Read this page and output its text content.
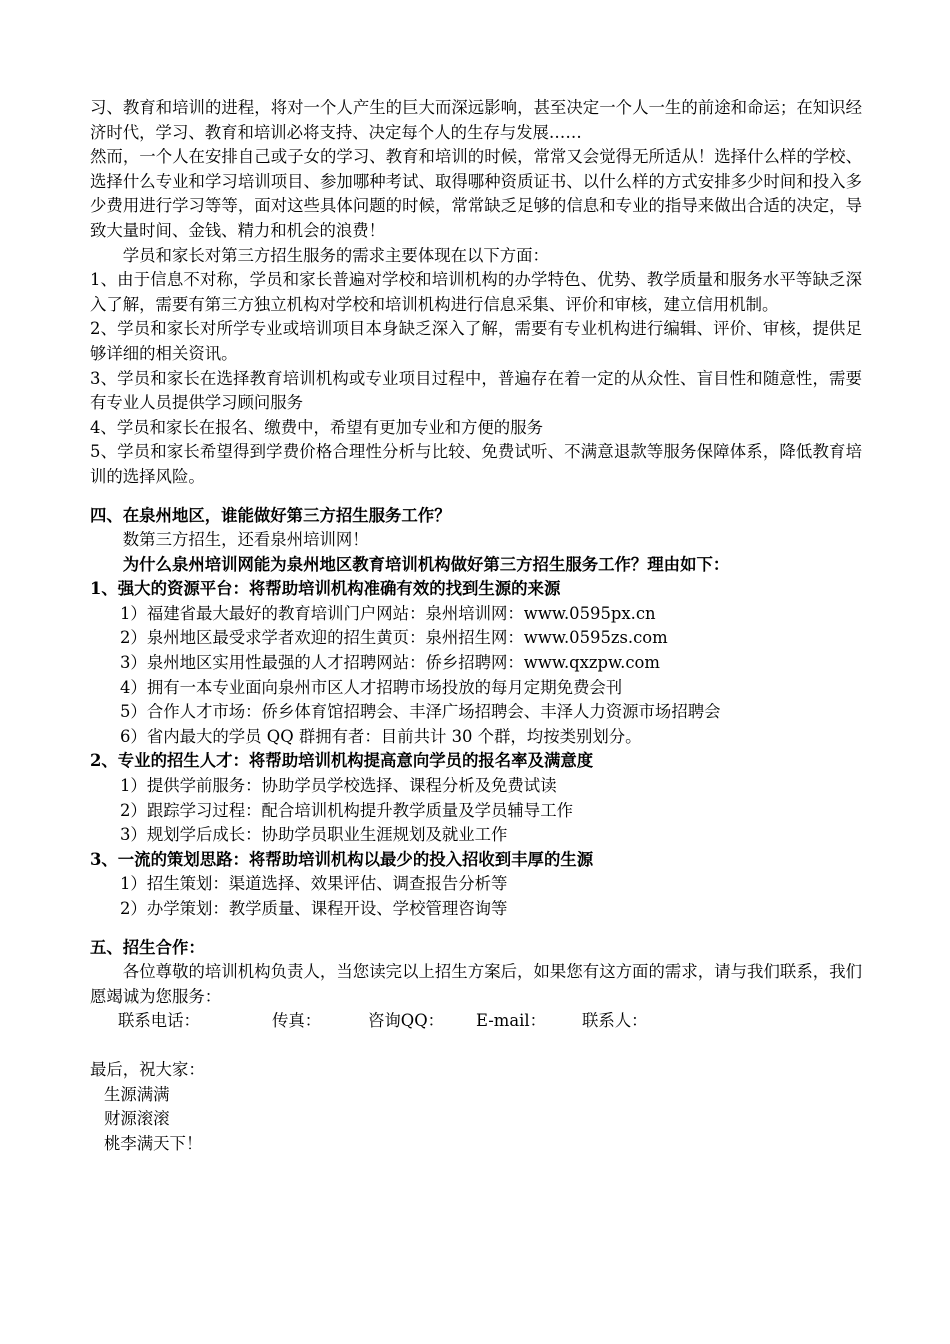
习、教育和培训的进程，将对一个人产生的巨大而深远影响，甚至决定一个人一生的前途和命运；在知识经济时代，学习、教育和培训必将支持、决定每个人的生存与发展……

然而，一个人在安排自己或子女的学习、教育和培训的时候，常常又会觉得无所适从！选择什么样的学校、选择什么专业和学习培训项目、参加哪种考试、取得哪种资质证书、以什么样的方式安排多少时间和投入多少费用进行学习等等，面对这些具体问题的时候，常常缺乏足够的信息和专业的指导来做出合适的决定，导致大量时间、金钱、精力和机会的浪费！

学员和家长对第三方招生服务的需求主要体现在以下方面：

1、由于信息不对称，学员和家长普遍对学校和培训机构的办学特色、优势、教学质量和服务水平等缺乏深入了解，需要有第三方独立机构对学校和培训机构进行信息采集、评价和审核，建立信用机制。

2、学员和家长对所学专业或培训项目本身缺乏深入了解，需要有专业机构进行编辑、评价、审核，提供足够详细的相关资讯。

3、学员和家长在选择教育培训机构或专业项目过程中，普遍存在着一定的从众性、盲目性和随意性，需要有专业人员提供学习顾问服务

4、学员和家长在报名、缴费中，希望有更加专业和方便的服务

5、学员和家长希望得到学费价格合理性分析与比较、免费试听、不满意退款等服务保障体系，降低教育培训的选择风险。

四、在泉州地区，谁能做好第三方招生服务工作？

数第三方招生，还看泉州培训网！

为什么泉州培训网能为泉州地区教育培训机构做好第三方招生服务工作？理由如下：

1、强大的资源平台：将帮助培训机构准确有效的找到生源的来源

1）福建省最大最好的教育培训门户网站：泉州培训网：www.0595px.cn

2）泉州地区最受求学者欢迎的招生黄页：泉州招生网：www.0595zs.com

3）泉州地区实用性最强的人才招聘网站：侨乡招聘网：www.qxzpw.com

4）拥有一本专业面向泉州市区人才招聘市场投放的每月定期免费会刊

5）合作人才市场：侨乡体育馆招聘会、丰泽广场招聘会、丰泽人力资源市场招聘会

6）省内最大的学员 QQ 群拥有者：目前共计 30 个群，均按类别划分。

2、专业的招生人才：将帮助培训机构提高意向学员的报名率及满意度

1）提供学前服务：协助学员学校选择、课程分析及免费试读

2）跟踪学习过程：配合培训机构提升教学质量及学员辅导工作

3）规划学后成长：协助学员职业生涯规划及就业工作

3、一流的策划思路：将帮助培训机构以最少的投入招收到丰厚的生源

1）招生策划：渠道选择、效果评估、调查报告分析等

2）办学策划：教学质量、课程开设、学校管理咨询等

五、招生合作：

各位尊敬的培训机构负责人，当您读完以上招生方案后，如果您有这方面的需求，请与我们联系，我们愿竭诚为您服务：

联系电话：	传真：	咨询QQ： E-mail： 联系人：

最后，祝大家：

生源满满

财源滚滚

桃李满天下！
